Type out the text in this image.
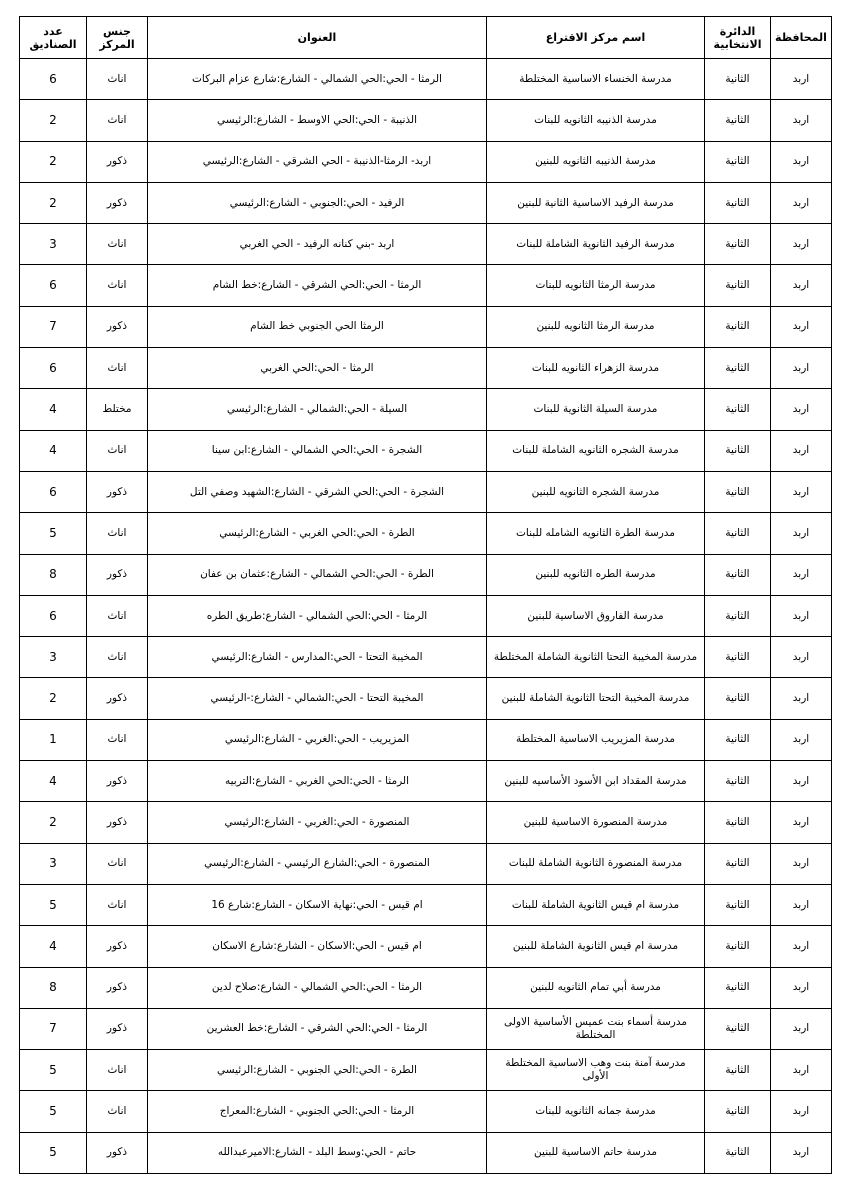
المحافظة	الدائرة الانتخابية	اسم مركز الاقتراع	العنوان	جنس المركز	عدد الصناديق
اربد	الثانية	مدرسة الخنساء الاساسية المختلطة	الرمثا - الحي:الحي الشمالي - الشارع:شارع عزام البركات	اناث	6
اربد	الثانية	مدرسة الذنيبه الثانويه للبنات	الذنيبة - الحي:الحي الاوسط - الشارع:الرئيسي	اناث	2
اربد	الثانية	مدرسة الذنيبه الثانويه للبنين	اربد- الرمثا-الذنيبة - الحي الشرقي - الشارع:الرئيسي	ذكور	2
اربد	الثانية	مدرسة الرفيد الاساسية الثانية للبنين	الرفيد - الحي:الجنوبي - الشارع:الرئيسي	ذكور	2
اربد	الثانية	مدرسة الرفيد الثانوية الشاملة للبنات	اربد -بني كنانه الرفيد - الحي الغربي	اناث	3
اربد	الثانية	مدرسة الرمثا الثانويه للبنات	الرمثا - الحي:الحي الشرقي - الشارع:خط الشام	اناث	6
اربد	الثانية	مدرسة الرمثا الثانويه للبنين	الرمثا الحي الجنوبي خط الشام	ذكور	7
اربد	الثانية	مدرسة الزهراء الثانويه للبنات	الرمثا - الحي:الحي الغربي	اناث	6
اربد	الثانية	مدرسة السيلة الثانوية للبنات	السيلة - الحي:الشمالي - الشارع:الرئيسي	مختلط	4
اربد	الثانية	مدرسة الشجره الثانويه الشاملة للبنات	الشجرة - الحي:الحي الشمالي - الشارع:ابن سينا	اناث	4
اربد	الثانية	مدرسة الشجره الثانويه للبنين	الشجرة - الحي:الحي الشرقي - الشارع:الشهيد وصفي التل	ذكور	6
اربد	الثانية	مدرسة الطرة الثانويه الشامله للبنات	الطرة - الحي:الحي الغربي - الشارع:الرئيسي	اناث	5
اربد	الثانية	مدرسة الطره الثانويه للبنين	الطرة - الحي:الحي الشمالي - الشارع:عثمان بن عفان	ذكور	8
اربد	الثانية	مدرسة الفاروق الاساسية للبنين	الرمثا - الحي:الحي الشمالي - الشارع:طريق الطره	اناث	6
اربد	الثانية	مدرسة المخيبة التحتا الثانوية الشاملة المختلطة	المخيبة التحتا - الحي:المدارس - الشارع:الرئيسي	اناث	3
اربد	الثانية	مدرسة المخيبة التحتا الثانوية الشاملة للبنين	المخيبة التحتا - الحي:الشمالي - الشارع:-الرئيسي	ذكور	2
اربد	الثانية	مدرسة المزيريب الاساسية المختلطة	المزيريب - الحي:الغربي - الشارع:الرئيسي	اناث	1
اربد	الثانية	مدرسة المقداد ابن الأسود الأساسيه للبنين	الرمثا - الحي:الحي الغربي - الشارع:التربيه	ذكور	4
اربد	الثانية	مدرسة المنصورة الاساسية للبنين	المنصورة - الحي:الغربي - الشارع:الرئيسي	ذكور	2
اربد	الثانية	مدرسة المنصورة الثانوية الشاملة للبنات	المنصورة - الحي:الشارع الرئيسي - الشارع:الرئيسي	اناث	3
اربد	الثانية	مدرسة ام قيس الثانوية الشاملة للبنات	ام قيس - الحي:نهاية الاسكان - الشارع:شارع 16	اناث	5
اربد	الثانية	مدرسة ام قيس الثانوية الشاملة للبنين	ام قيس - الحي:الاسكان - الشارع:شارع الاسكان	ذكور	4
اربد	الثانية	مدرسة أبي تمام الثانويه للبنين	الرمثا - الحي:الحي الشمالي - الشارع:صلاح لدين	ذكور	8
اربد	الثانية	مدرسة أسماء بنت عميس الأساسية الاولى المختلطة	الرمثا - الحي:الحي الشرقي - الشارع:خط العشرين	ذكور	7
اربد	الثانية	مدرسة آمنة بنت وهب الاساسية المختلطة الأولى	الطرة - الحي:الحي الجنوبي - الشارع:الرئيسي	اناث	5
اربد	الثانية	مدرسة جمانه الثانويه للبنات	الرمثا - الحي:الحي الجنوبي - الشارع:المعراج	اناث	5
اربد	الثانية	مدرسة حاتم الاساسية للبنين	حاتم - الحي:وسط البلد - الشارع:الاميرعبدالله	ذكور	5
